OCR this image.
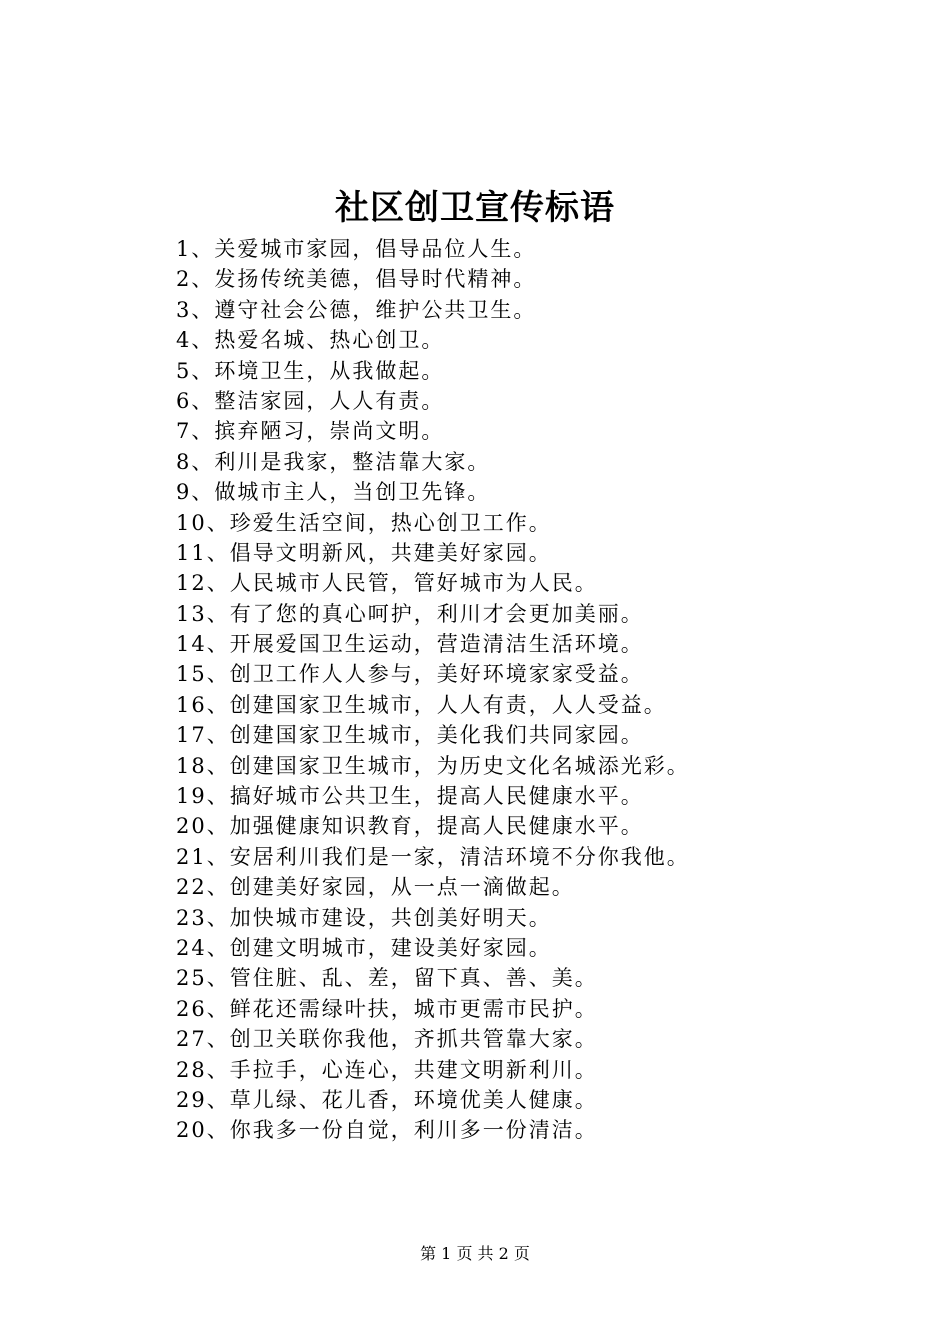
社区创卫宣传标语
1、关爱城市家园，倡导品位人生。
2、发扬传统美德，倡导时代精神。
3、遵守社会公德，维护公共卫生。
4、热爱名城、热心创卫。
5、环境卫生，从我做起。
6、整洁家园，人人有责。
7、摈弃陋习，崇尚文明。
8、利川是我家，整洁靠大家。
9、做城市主人，当创卫先锋。
10、珍爱生活空间，热心创卫工作。
11、倡导文明新风，共建美好家园。
12、人民城市人民管，管好城市为人民。
13、有了您的真心呵护，利川才会更加美丽。
14、开展爱国卫生运动，营造清洁生活环境。
15、创卫工作人人参与，美好环境家家受益。
16、创建国家卫生城市，人人有责，人人受益。
17、创建国家卫生城市，美化我们共同家园。
18、创建国家卫生城市，为历史文化名城添光彩。
19、搞好城市公共卫生，提高人民健康水平。
20、加强健康知识教育，提高人民健康水平。
21、安居利川我们是一家，清洁环境不分你我他。
22、创建美好家园，从一点一滴做起。
23、加快城市建设，共创美好明天。
24、创建文明城市，建设美好家园。
25、管住脏、乱、差，留下真、善、美。
26、鲜花还需绿叶扶，城市更需市民护。
27、创卫关联你我他，齐抓共管靠大家。
28、手拉手，心连心，共建文明新利川。
29、草儿绿、花儿香，环境优美人健康。
20、你我多一份自觉，利川多一份清洁。
第 1 页 共 2 页
